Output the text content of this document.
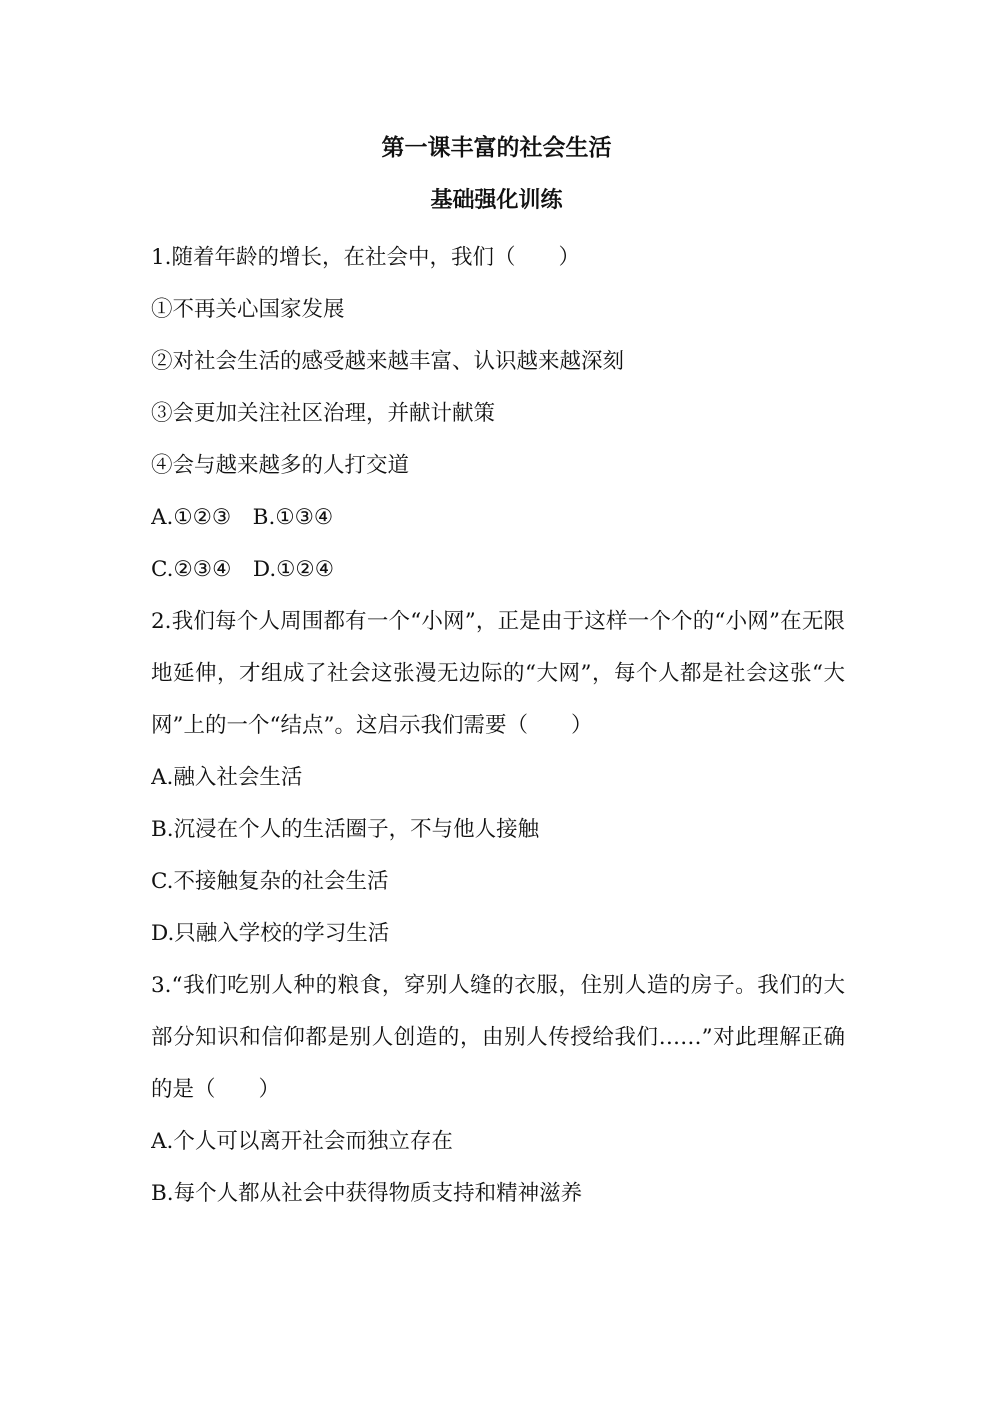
第一课丰富的社会生活
基础强化训练

1.随着年龄的增长，在社会中，我们（　　）

①不再关心国家发展

②对社会生活的感受越来越丰富、认识越来越深刻

③会更加关注社区治理，并献计献策

④会与越来越多的人打交道

A.①②③　B.①③④

C.②③④　D.①②④

2.我们每个人周围都有一个“小网”，正是由于这样一个个的“小网”在无限地延伸，才组成了社会这张漫无边际的“大网”，每个人都是社会这张“大网”上的一个“结点”。这启示我们需要（　　）

A.融入社会生活

B.沉浸在个人的生活圈子，不与他人接触

C.不接触复杂的社会生活

D.只融入学校的学习生活

3.“我们吃别人种的粮食，穿别人缝的衣服，住别人造的房子。我们的大部分知识和信仰都是别人创造的，由别人传授给我们……”对此理解正确的是（　　）

A.个人可以离开社会而独立存在

B.每个人都从社会中获得物质支持和精神滋养
